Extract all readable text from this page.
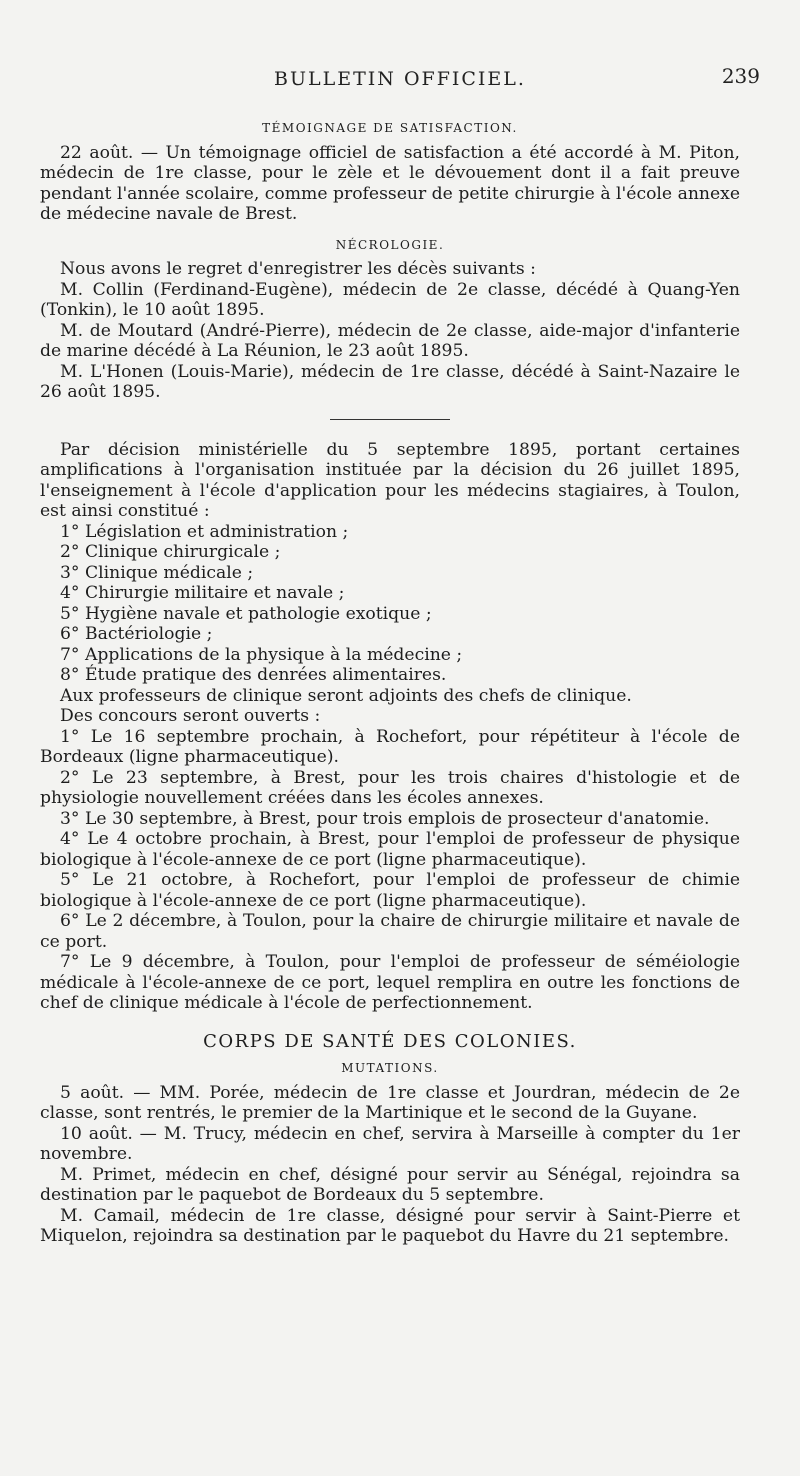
BULLETIN OFFICIEL.	239
TÉMOIGNAGE DE SATISFACTION.

22 août. — Un témoignage officiel de satisfaction a été accordé à M. Piton, médecin de 1re classe, pour le zèle et le dévouement dont il a fait preuve pendant l'année scolaire, comme professeur de petite chirurgie à l'école annexe de médecine navale de Brest.

NÉCROLOGIE.

Nous avons le regret d'enregistrer les décès suivants :

M. Collin (Ferdinand-Eugène), médecin de 2e classe, décédé à Quang-Yen (Tonkin), le 10 août 1895.

M. de Moutard (André-Pierre), médecin de 2e classe, aide-major d'infanterie de marine décédé à La Réunion, le 23 août 1895.

M. L'Honen (Louis-Marie), médecin de 1re classe, décédé à Saint-Nazaire le 26 août 1895.

Par décision ministérielle du 5 septembre 1895, portant certaines amplifications à l'organisation instituée par la décision du 26 juillet 1895, l'enseignement à l'école d'application pour les médecins stagiaires, à Toulon, est ainsi constitué :

1° Législation et administration ;
2° Clinique chirurgicale ;
3° Clinique médicale ;
4° Chirurgie militaire et navale ;
5° Hygiène navale et pathologie exotique ;
6° Bactériologie ;
7° Applications de la physique à la médecine ;
8° Étude pratique des denrées alimentaires.

Aux professeurs de clinique seront adjoints des chefs de clinique.

Des concours seront ouverts :

1° Le 16 septembre prochain, à Rochefort, pour répétiteur à l'école de Bordeaux (ligne pharmaceutique).

2° Le 23 septembre, à Brest, pour les trois chaires d'histologie et de physiologie nouvellement créées dans les écoles annexes.

3° Le 30 septembre, à Brest, pour trois emplois de prosecteur d'anatomie.

4° Le 4 octobre prochain, à Brest, pour l'emploi de professeur de physique biologique à l'école-annexe de ce port (ligne pharmaceutique).

5° Le 21 octobre, à Rochefort, pour l'emploi de professeur de chimie biologique à l'école-annexe de ce port (ligne pharmaceutique).

6° Le 2 décembre, à Toulon, pour la chaire de chirurgie militaire et navale de ce port.

7° Le 9 décembre, à Toulon, pour l'emploi de professeur de séméiologie médicale à l'école-annexe de ce port, lequel remplira en outre les fonctions de chef de clinique médicale à l'école de perfectionnement.

CORPS DE SANTÉ DES COLONIES.
MUTATIONS.

5 août. — MM. Porée, médecin de 1re classe et Jourdran, médecin de 2e classe, sont rentrés, le premier de la Martinique et le second de la Guyane.

10 août. — M. Trucy, médecin en chef, servira à Marseille à compter du 1er novembre.

M. Primet, médecin en chef, désigné pour servir au Sénégal, rejoindra sa destination par le paquebot de Bordeaux du 5 septembre.

M. Camail, médecin de 1re classe, désigné pour servir à Saint-Pierre et Miquelon, rejoindra sa destination par le paquebot du Havre du 21 septembre.
